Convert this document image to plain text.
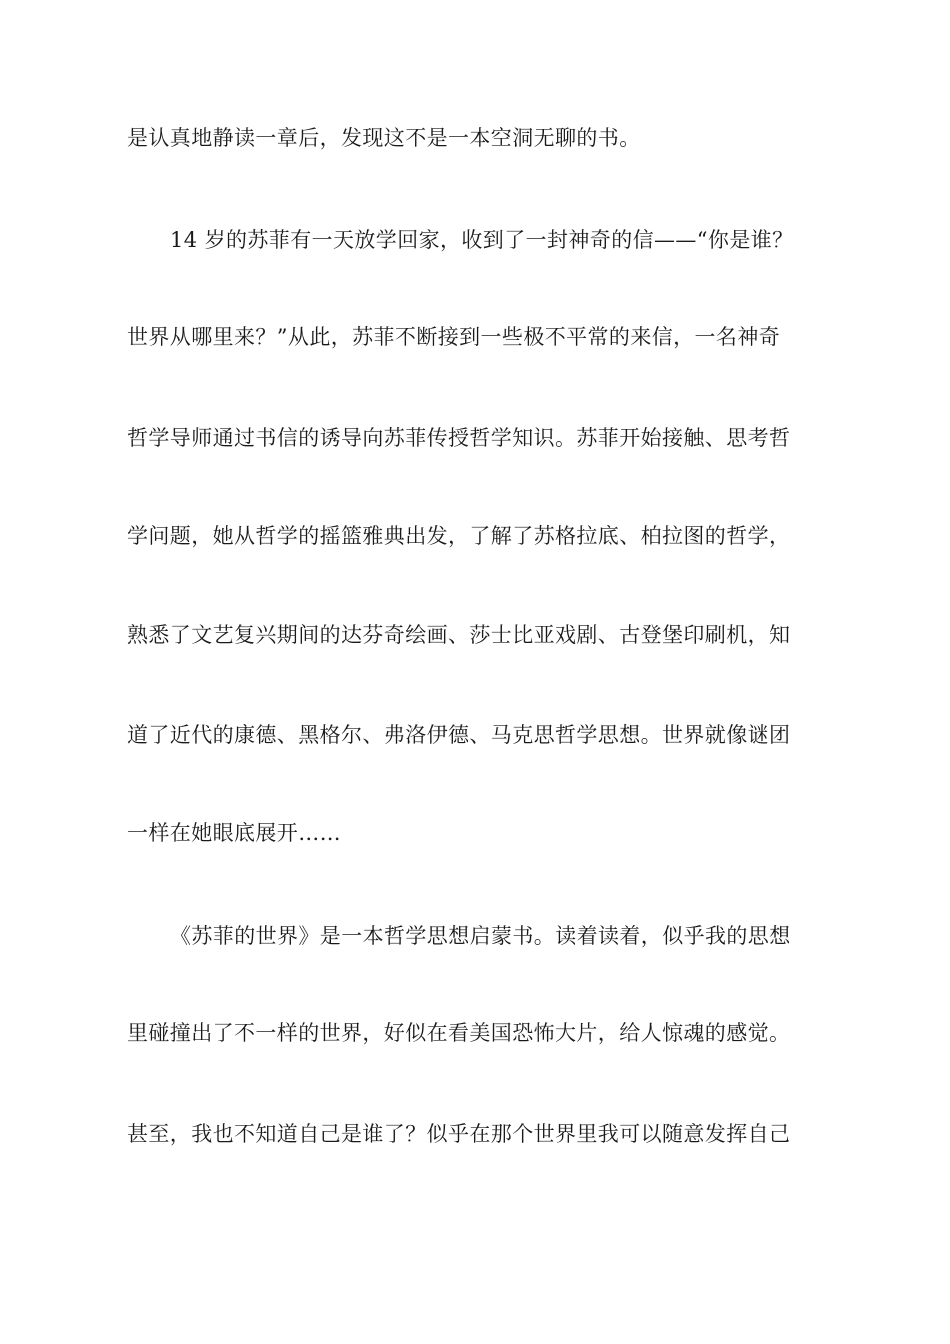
是认真地静读一章后，发现这不是一本空洞无聊的书。
14 岁的苏菲有一天放学回家，收到了一封神奇的信——“你是谁？
世界从哪里来？”从此，苏菲不断接到一些极不平常的来信，一名神奇
哲学导师通过书信的诱导向苏菲传授哲学知识。苏菲开始接触、思考哲
学问题，她从哲学的摇篮雅典出发，了解了苏格拉底、柏拉图的哲学，
熟悉了文艺复兴期间的达芬奇绘画、莎士比亚戏剧、古登堡印刷机，知
道了近代的康德、黑格尔、弗洛伊德、马克思哲学思想。世界就像谜团
一样在她眼底展开……
《苏菲的世界》是一本哲学思想启蒙书。读着读着，似乎我的思想
里碰撞出了不一样的世界，好似在看美国恐怖大片，给人惊魂的感觉。
甚至，我也不知道自己是谁了？似乎在那个世界里我可以随意发挥自己
